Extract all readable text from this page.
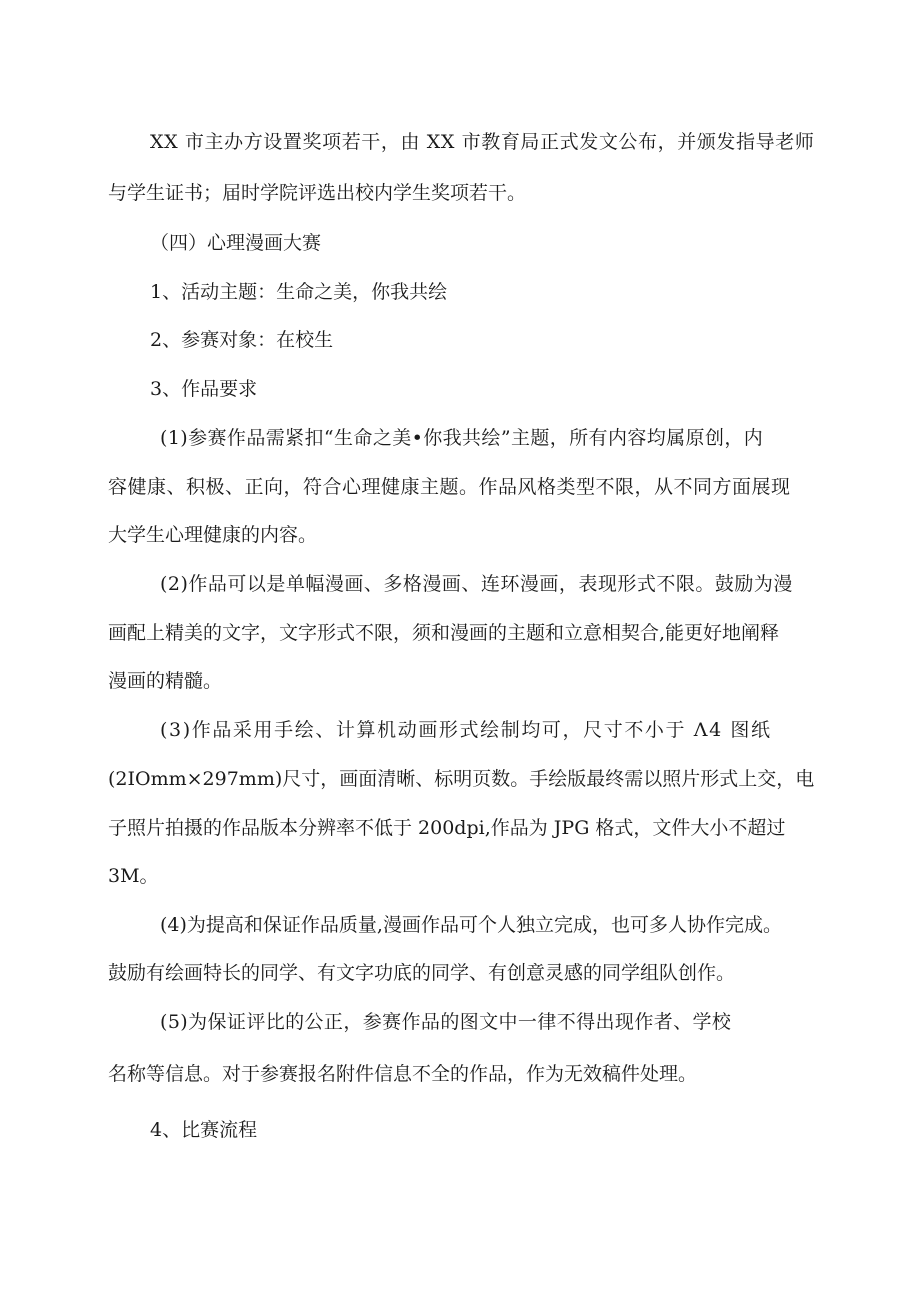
XX 市主办方设置奖项若干，由 XX 市教育局正式发文公布，并颁发指导老师
与学生证书；届时学院评选出校内学生奖项若干。
（四）心理漫画大赛
1、活动主题：生命之美，你我共绘
2、参赛对象：在校生
3、作品要求
(1)参赛作品需紧扣“生命之美•你我共绘”主题，所有内容均属原创，内
容健康、积极、正向，符合心理健康主题。作品风格类型不限，从不同方面展现
大学生心理健康的内容。
(2)作品可以是单幅漫画、多格漫画、连环漫画，表现形式不限。鼓励为漫
画配上精美的文字，文字形式不限，须和漫画的主题和立意相契合,能更好地阐释
漫画的精髓。
(3)作品采用手绘、计算机动画形式绘制均可，尺寸不小于 Λ4 图纸
(2IOmm×297mm)尺寸，画面清晰、标明页数。手绘版最终需以照片形式上交，电
子照片拍摄的作品版本分辨率不低于 200dpi,作品为 JPG 格式，文件大小不超过
3M。
(4)为提高和保证作品质量,漫画作品可个人独立完成，也可多人协作完成。
鼓励有绘画特长的同学、有文字功底的同学、有创意灵感的同学组队创作。
(5)为保证评比的公正，参赛作品的图文中一律不得出现作者、学校
名称等信息。对于参赛报名附件信息不全的作品，作为无效稿件处理。
4、比赛流程
